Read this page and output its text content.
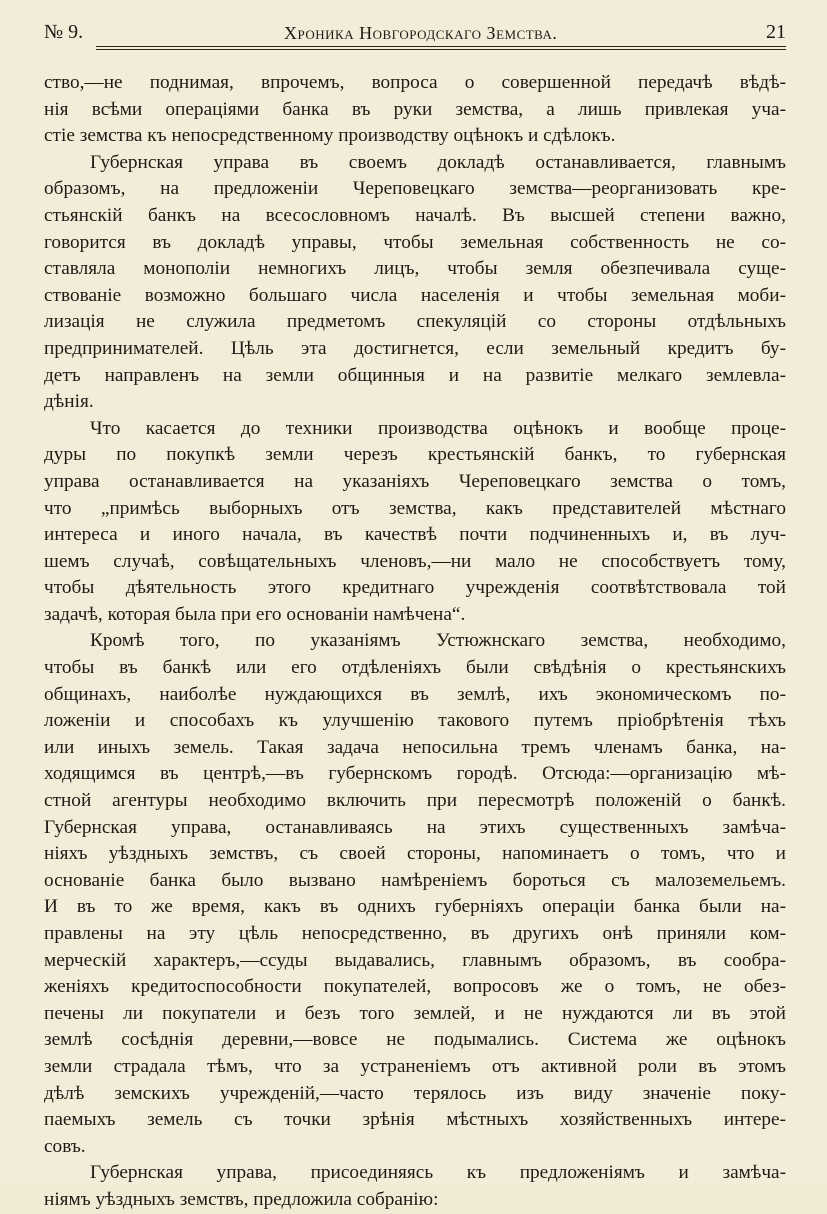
№ 9.	Хроника Новгородскаго Земства.	21
ство,—не поднимая, впрочемъ, вопроса о совершенной передачѣ вѣдѣ-
нія всѣми операціями банка въ руки земства, а лишь привлекая уча-
стіе земства къ непосредственному производству оцѣнокъ и сдѣлокъ.
Губернская управа въ своемъ докладѣ останавливается, главнымъ
образомъ, на предложеніи Череповецкаго земства—реорганизовать кре-
стьянскій банкъ на всесословномъ началѣ. Въ высшей степени важно,
говорится въ докладѣ управы, чтобы земельная собственность не со-
ставляла монополіи немногихъ лицъ, чтобы земля обезпечивала суще-
ствованіе возможно большаго числа населенія и чтобы земельная моби-
лизація не служила предметомъ спекуляцій со стороны отдѣльныхъ
предпринимателей. Цѣль эта достигнется, если земельный кредитъ бу-
детъ направленъ на земли общинныя и на развитіе мелкаго землевла-
дѣнія.
Что касается до техники производства оцѣнокъ и вообще проце-
дуры по покупкѣ земли черезъ крестьянскій банкъ, то губернская
управа останавливается на указаніяхъ Череповецкаго земства о томъ,
что „примѣсь выборныхъ отъ земства, какъ представителей мѣстнаго
интереса и иного начала, въ качествѣ почти подчиненныхъ и, въ луч-
шемъ случаѣ, совѣщательныхъ членовъ,—ни мало не способствуетъ тому,
чтобы дѣятельность этого кредитнаго учрежденія соотвѣтствовала той
задачѣ, которая была при его основаніи намѣчена“.
Кромѣ того, по указаніямъ Устюжнскаго земства, необходимо,
чтобы въ банкѣ или его отдѣленіяхъ были свѣдѣнія о крестьянскихъ
общинахъ, наиболѣе нуждающихся въ землѣ, ихъ экономическомъ по-
ложеніи и способахъ къ улучшенію такового путемъ пріобрѣтенія тѣхъ
или иныхъ земель. Такая задача непосильна тремъ членамъ банка, на-
ходящимся въ центрѣ,—въ губернскомъ городѣ. Отсюда:—организацію мѣ-
стной агентуры необходимо включить при пересмотрѣ положеній о банкѣ.
Губернская управа, останавливаясь на этихъ существенныхъ замѣча-
ніяхъ уѣздныхъ земствъ, съ своей стороны, напоминаетъ о томъ, что и
основаніе банка было вызвано намѣреніемъ бороться съ малоземельемъ.
И въ то же время, какъ въ однихъ губерніяхъ операціи банка были на-
правлены на эту цѣль непосредственно, въ другихъ онѣ приняли ком-
мерческій характеръ,—ссуды выдавались, главнымъ образомъ, въ сообра-
женіяхъ кредитоспособности покупателей, вопросовъ же о томъ, не обез-
печены ли покупатели и безъ того землей, и не нуждаются ли въ этой
землѣ сосѣднія деревни,—вовсе не подымались. Система же оцѣнокъ
земли страдала тѣмъ, что за устраненіемъ отъ активной роли въ этомъ
дѣлѣ земскихъ учрежденій,—часто терялось изъ виду значеніе поку-
паемыхъ земель съ точки зрѣнія мѣстныхъ хозяйственныхъ интере-
совъ.
Губернская управа, присоединяясь къ предложеніямъ и замѣча-
ніямъ уѣздныхъ земствъ, предложила собранію:
